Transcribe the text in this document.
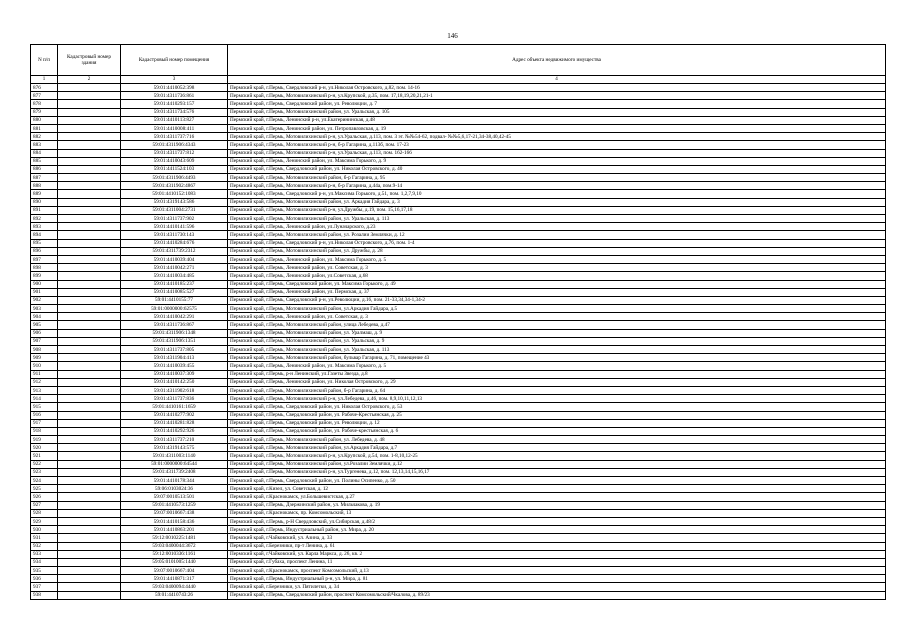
146
N п/п	Кадастровый номер здания	Кадастровый номер помещения	Адрес объекта недвижимого имущества
1	2	3	4
876		59:01:4410052:398	Пермский край, г.Пермь, Свердловский р-н, ул.Николая Островского, д.82, пом. 14-16
877		59:01:4311736:861	Пермский край, г.Пермь, Мотовилихинский р-н, ул.Крупской, д.35, пом. 17,18,19,20,21,21-1
878		59:01:4410293:157	Пермский край, г.Пермь, Свердловский район, ул. Революции, д. 7
879		59:01:4311734:576	Пермский край, г.Пермь, Мотовилихинский район, ул. Уральская, д. 105
880		59:01:4410113:827	Пермский край, г.Пермь, Ленинский р-н, ул.Екатерининская, д.48
881		59:01:4410008:411	Пермский край, г.Пермь, Ленинский район, ул. Петропавловская, д. 19
882		59:01:4311737:716	Пермский край, г.Пермь, Мотовилихинский р-н, ул.Уральская, д.113, пом. 3 эт. №№54-62, подвал- №№5,6,17-21,34-38,40,42-45
883		59:01:4311906:4343	Пермский край, г.Пермь, Мотовилихинский р-н, б-р Гагарина, д.113б, пом. 17-23
884		59:01:4311737:812	Пермский край, г.Пермь, Мотовилихинский р-н, ул.Уральская, д.113, пом. 162-166
885		59:01:4410043:609	Пермский край, г.Пермь, Ленинский район, ул. Максима Горького, д. 9
886		59:01:4411524:103	Пермский край, г.Пермь, Свердловский район, ул. Николая Островского, д. 40
887		59:01:4311906:4493	Пермский край, г.Пермь, Мотовилихинский район, б-р Гагарина, д. 95
888		59:01:4311902:4867	Пермский край, г.Пермь, Мотовилихинский р-н, б-р Гагарина, д.44а, пом.9-14
889		59:01:4410152:1083	Пермский край, г.Пермь, Свердловский р-н, ул.Максима Горького, д.51, пом. 1,2,7,9,10
890		59:01:4319143:586	Пермский край, г.Пермь, Мотовилихинский район, ул. Аркадия Гайдара, д. 3
891		59:01:4311004:2731	Пермский край, г.Пермь, Мотовилихинский р-н, ул.Дружбы, д.19, пом. 15,16,17,18
892		59:01:4311737:902	Пермский край, г.Пермь, Мотовилихинский район, ул. Уральская, д. 113
893		59:01:4410141:596	Пермский край, г.Пермь, Ленинский район, ул.Луначарского, д.23
894		59:01:4311730:143	Пермский край, г.Пермь, Мотовилихинский район, ул. Розалии Землячки, д. 12
895		59:01:4410284:676	Пермский край, г.Пермь, Свердловский р-н, ул.Николая Островского, д.76, пом. 1-4
896		59:01:4311739:2312	Пермский край, г.Пермь, Мотовилихинский район, ул. Дружбы, д. 28
897		59:01:4410039:404	Пермский край, г.Пермь, Ленинский район, ул. Максима Горького, д. 5
898		59:01:4410042:271	Пермский край, г.Пермь, Ленинский район, ул. Советская, д. 3
899		59:01:4410034:485	Пермский край, г.Пермь, Ленинский район, ул.Советская, д.68
900		59:01:4410185:237	Пермский край, г.Пермь, Свердловский район, ул. Максима Горького, д. 49
901		59:01:4410085:527	Пермский край, г.Пермь, Ленинский район, ул. Пермская, д. 37
902		59:01:4410155:77	Пермский край, г.Пермь, Свердловский р-н, ул.Революции, д.16, пом. 21-33,34,34-1,34-2
903		59:01:0000000:62575	Пермский край, г.Пермь, Мотовилихинский район, ул.Аркадия Гайдара, д.5
904		59:01:4410042:291	Пермский край, г.Пермь, Ленинский район, ул. Советская, д. 3
905		59:01:4311736:867	Пермский край, г.Пермь, Мотовилихинский район, улица Лебедева, д.47
906		59:01:4311906:1348	Пермский край, г.Пермь, Мотовилихинский район, ул. Уралмаш, д. 9
907		59:01:4311906:1351	Пермский край, г.Пермь, Мотовилихинский район, ул. Уральская, д. 9
908		59:01:4311737:805	Пермский край, г.Пермь, Мотовилихинский район, ул. Уральская, д. 113
909		59:01:4311904:413	Пермский край, г.Пермь, Мотовилихинский район, бульвар Гагарина, д. 71, помещение 43
910		59:01:4410039:455	Пермский край, г.Пермь, Ленинский район, ул. Максима Горького, д. 5
911		59:01:4410037:309	Пермский край, г.Пермь, р-н Ленинский, ул.Газеты Звезда, д.8
912		59:01:4410142:250	Пермский край, г.Пермь, Ленинский район, ул. Николая Островского, д. 29
913		59:01:4311902:618	Пермский край, г.Пермь, Мотовилихинский район, б-р Гагарина, д. 64
914		59:01:4311737:836	Пермский край, г.Пермь, Мотовилихинский р-н, ул.Лебедева, д.46, пом. 8,9,10,11,12,13
915		59:01:4410161:1659	Пермский край, г.Пермь, Свердловский район, ул. Николая Островского, д. 53
916		59:01:4410277:902	Пермский край, г.Пермь, Свердловский район, ул. Рабоче-Крестьянская, д. 25
917		59:01:4410281:828	Пермский край, г.Пермь, Свердловский район, ул. Революции, д. 12
918		59:01:4410292:926	Пермский край, г.Пермь, Свердловский район, ул. Рабоче-крестьянская, д. 6
919		59:01:4311737:210	Пермский край, г.Пермь, Мотовилихинский район, ул. Лебедева, д. 48
920		59:01:4319143:575	Пермский край, г.Пермь, Мотовилихинский район, ул.Аркадия Гайдара, д.7
921		59:01:4311003:1140	Пермский край, г.Пермь, Мотовилихинский р-н, ул.Крупской, д.54, пом. 1-8,10,12-25
922		59:01:0000000:64544	Пермский край, г.Пермь, Мотовилихинский район, ул.Розалии Землячки, д.12
923		59:01:4311739:2408	Пермский край, г.Пермь, Мотовилихинский р-н, ул.Тургенева, д.12, пом. 12,13,14,15,16,17
924		59:01:4410178:344	Пермский край, г.Пермь, Свердловский район, ул. Полины Осипенко, д. 50
925		59:06:0103024:36	Пермский край, г.Кизел, ул. Советская, д. 12
926		59:07:0010513:501	Пермский край, г.Краснокамск, ул.Большевистская, д.27
927		59:01:4410573:1259	Пермский край, г.Пермь, Дзержинский район, ул. Мильчакова, д. 19
928		59:07:0010667:438	Пермский край, г.Краснокамск, пр. Комсомольский, 13
929		59:01:4410158:436	Пермский край, г.Пермь, р-Н Свердловский, ул.Сибирская, д.48/2
930		59:01:4410863:201	Пермский край, г.Пермь, Индустриальный район, ул. Мира, д. 20
931		59:12:0010225:1481	Пермский край, г.Чайковский, ул. Азина, д. 33
932		59:03:0400044:3672	Пермский край, г.Березники, пр-т Ленина, д. 61
933		59:12:0010336:1161	Пермский край, г.Чайковский, ул. Карла Маркса, д. 26, кв. 2
934		59:05:0101005:1440	Пермский край, г.Губаха, проспект Ленина, 11
935		59:07:0010667:404	Пермский край, г.Краснокамск, проспект Комсомольский, д.13
936		59:01:4410871:317	Пермский край, г.Пермь, Индустриальный р-н, ул. Мира, д. 81
937		59:03:0400094:4440	Пермский край, г.Березники, ул. Пятилетки, д. 34
938		59:01:4410743:26	Пермский край, г.Пермь, Свердловский район, проспект Комсомольский/Чкалова, д. 89/23
